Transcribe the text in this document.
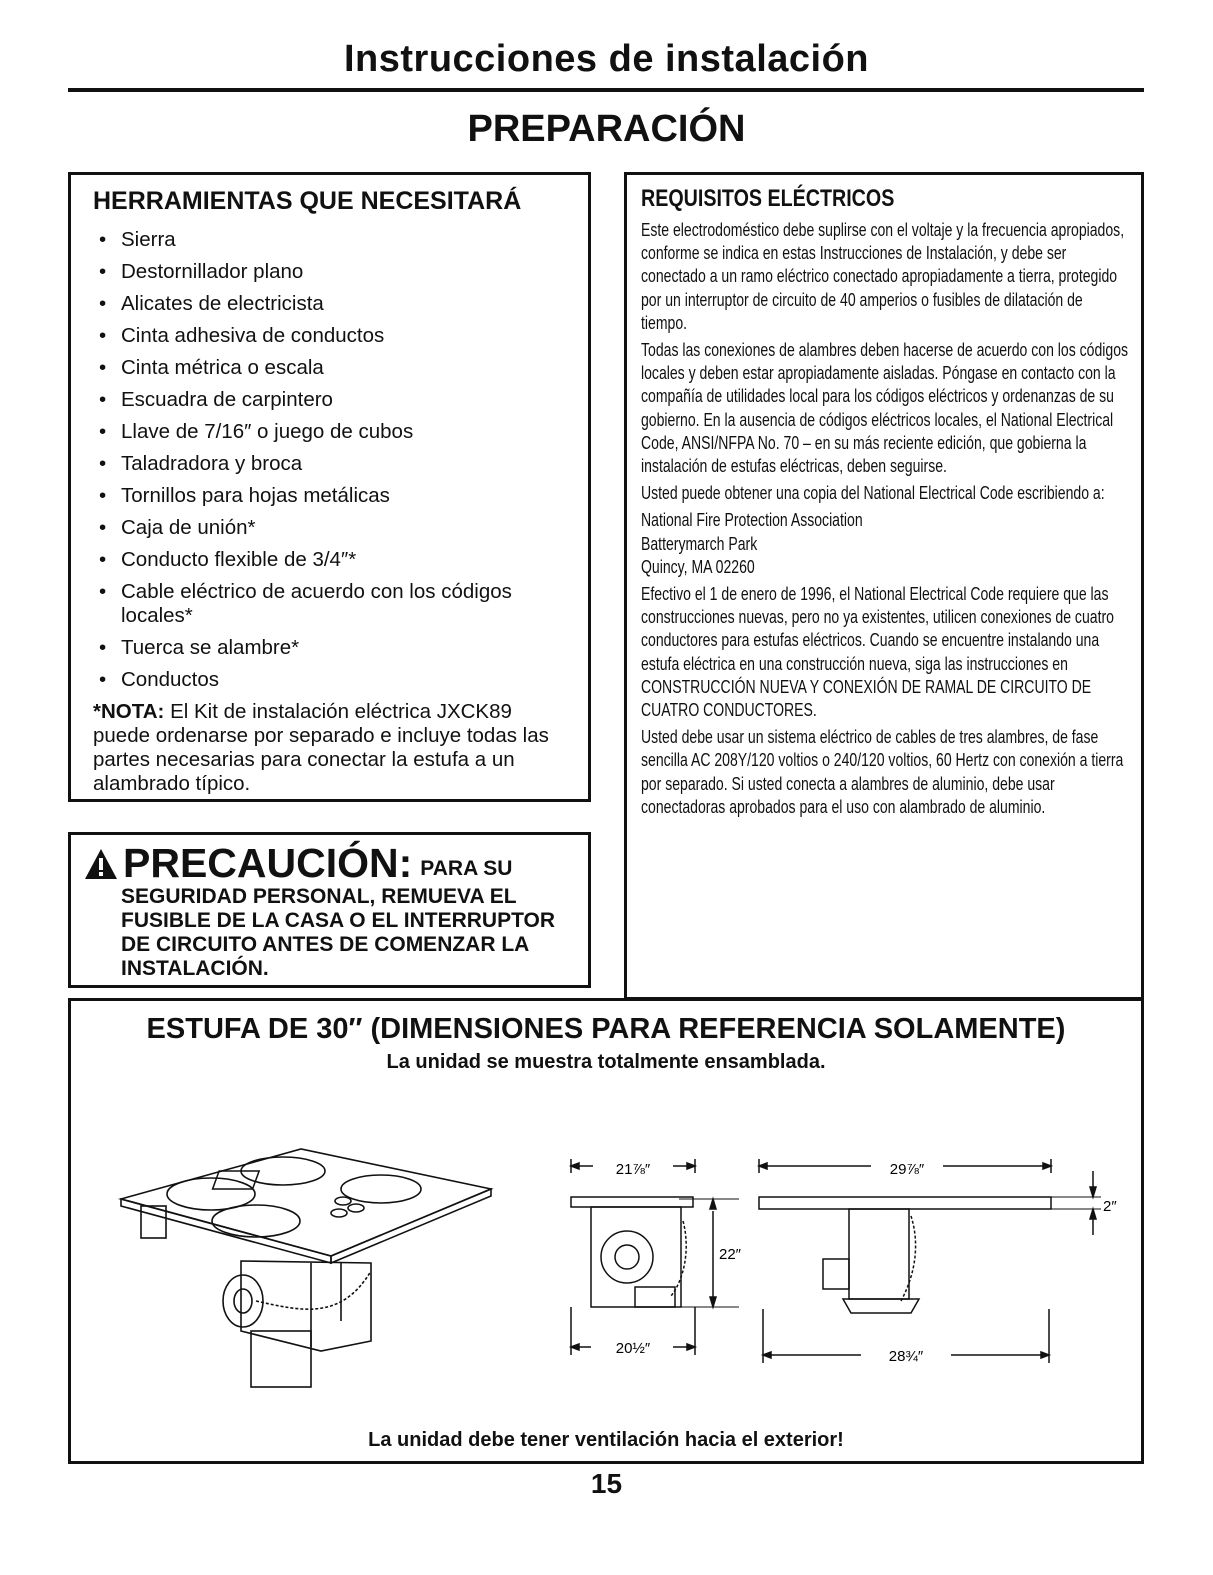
Instrucciones de instalación
PREPARACIÓN
HERRAMIENTAS QUE NECESITARÁ
• Sierra
• Destornillador plano
• Alicates de electricista
• Cinta adhesiva de conductos
• Cinta métrica o escala
• Escuadra de carpintero
• Llave de 7/16″ o juego de cubos
• Taladradora y broca
• Tornillos para hojas metálicas
• Caja de unión*
• Conducto flexible de 3/4″*
• Cable eléctrico de acuerdo con los códigos locales*
• Tuerca se alambre*
• Conductos
*NOTA: El Kit de instalación eléctrica JXCK89 puede ordenarse por separado e incluye todas las partes necesarias para conectar la estufa a un alambrado típico.
PRECAUCIÓN: PARA SU
SEGURIDAD PERSONAL, REMUEVA EL FUSIBLE DE LA CASA O EL INTERRUPTOR DE CIRCUITO ANTES DE COMENZAR LA INSTALACIÓN.
REQUISITOS ELÉCTRICOS

Este electrodoméstico debe suplirse con el voltaje y la frecuencia apropiados, conforme se indica en estas Instrucciones de Instalación, y debe ser conectado a un ramo eléctrico conectado apropiadamente a tierra, protegido por un interruptor de circuito de 40 amperios o fusibles de dilatación de tiempo.

Todas las conexiones de alambres deben hacerse de acuerdo con los códigos locales y deben estar apropiadamente aisladas. Póngase en contacto con la compañía de utilidades local para los códigos eléctricos y ordenanzas de su gobierno. En la ausencia de códigos eléctricos locales, el National Electrical Code, ANSI/NFPA No. 70 – en su más reciente edición, que gobierna la instalación de estufas eléctricas, deben seguirse.

Usted puede obtener una copia del National Electrical Code escribiendo a:

National Fire Protection Association

Batterymarch Park

Quincy, MA 02260

Efectivo el 1 de enero de 1996, el National Electrical Code requiere que las construcciones nuevas, pero no ya existentes, utilicen conexiones de cuatro conductores para estufas eléctricos. Cuando se encuentre instalando una estufa eléctrica en una construcción nueva, siga las instrucciones en CONSTRUCCIÓN NUEVA Y CONEXIÓN DE RAMAL DE CIRCUITO DE CUATRO CONDUCTORES.

Usted debe usar un sistema eléctrico de cables de tres alambres, de fase sencilla AC 208Y/120 voltios o 240/120 voltios, 60 Hertz con conexión a tierra por separado. Si usted conecta a alambres de aluminio, debe usar conectadoras aprobados para el uso con alambrado de aluminio.

ESTUFA DE 30″ (DIMENSIONES PARA REFERENCIA SOLAMENTE)
La unidad se muestra totalmente ensamblada.
21⅞″
22″
20½″
29⅞″
2″
28¾″
La unidad debe tener ventilación hacia el exterior!
15
